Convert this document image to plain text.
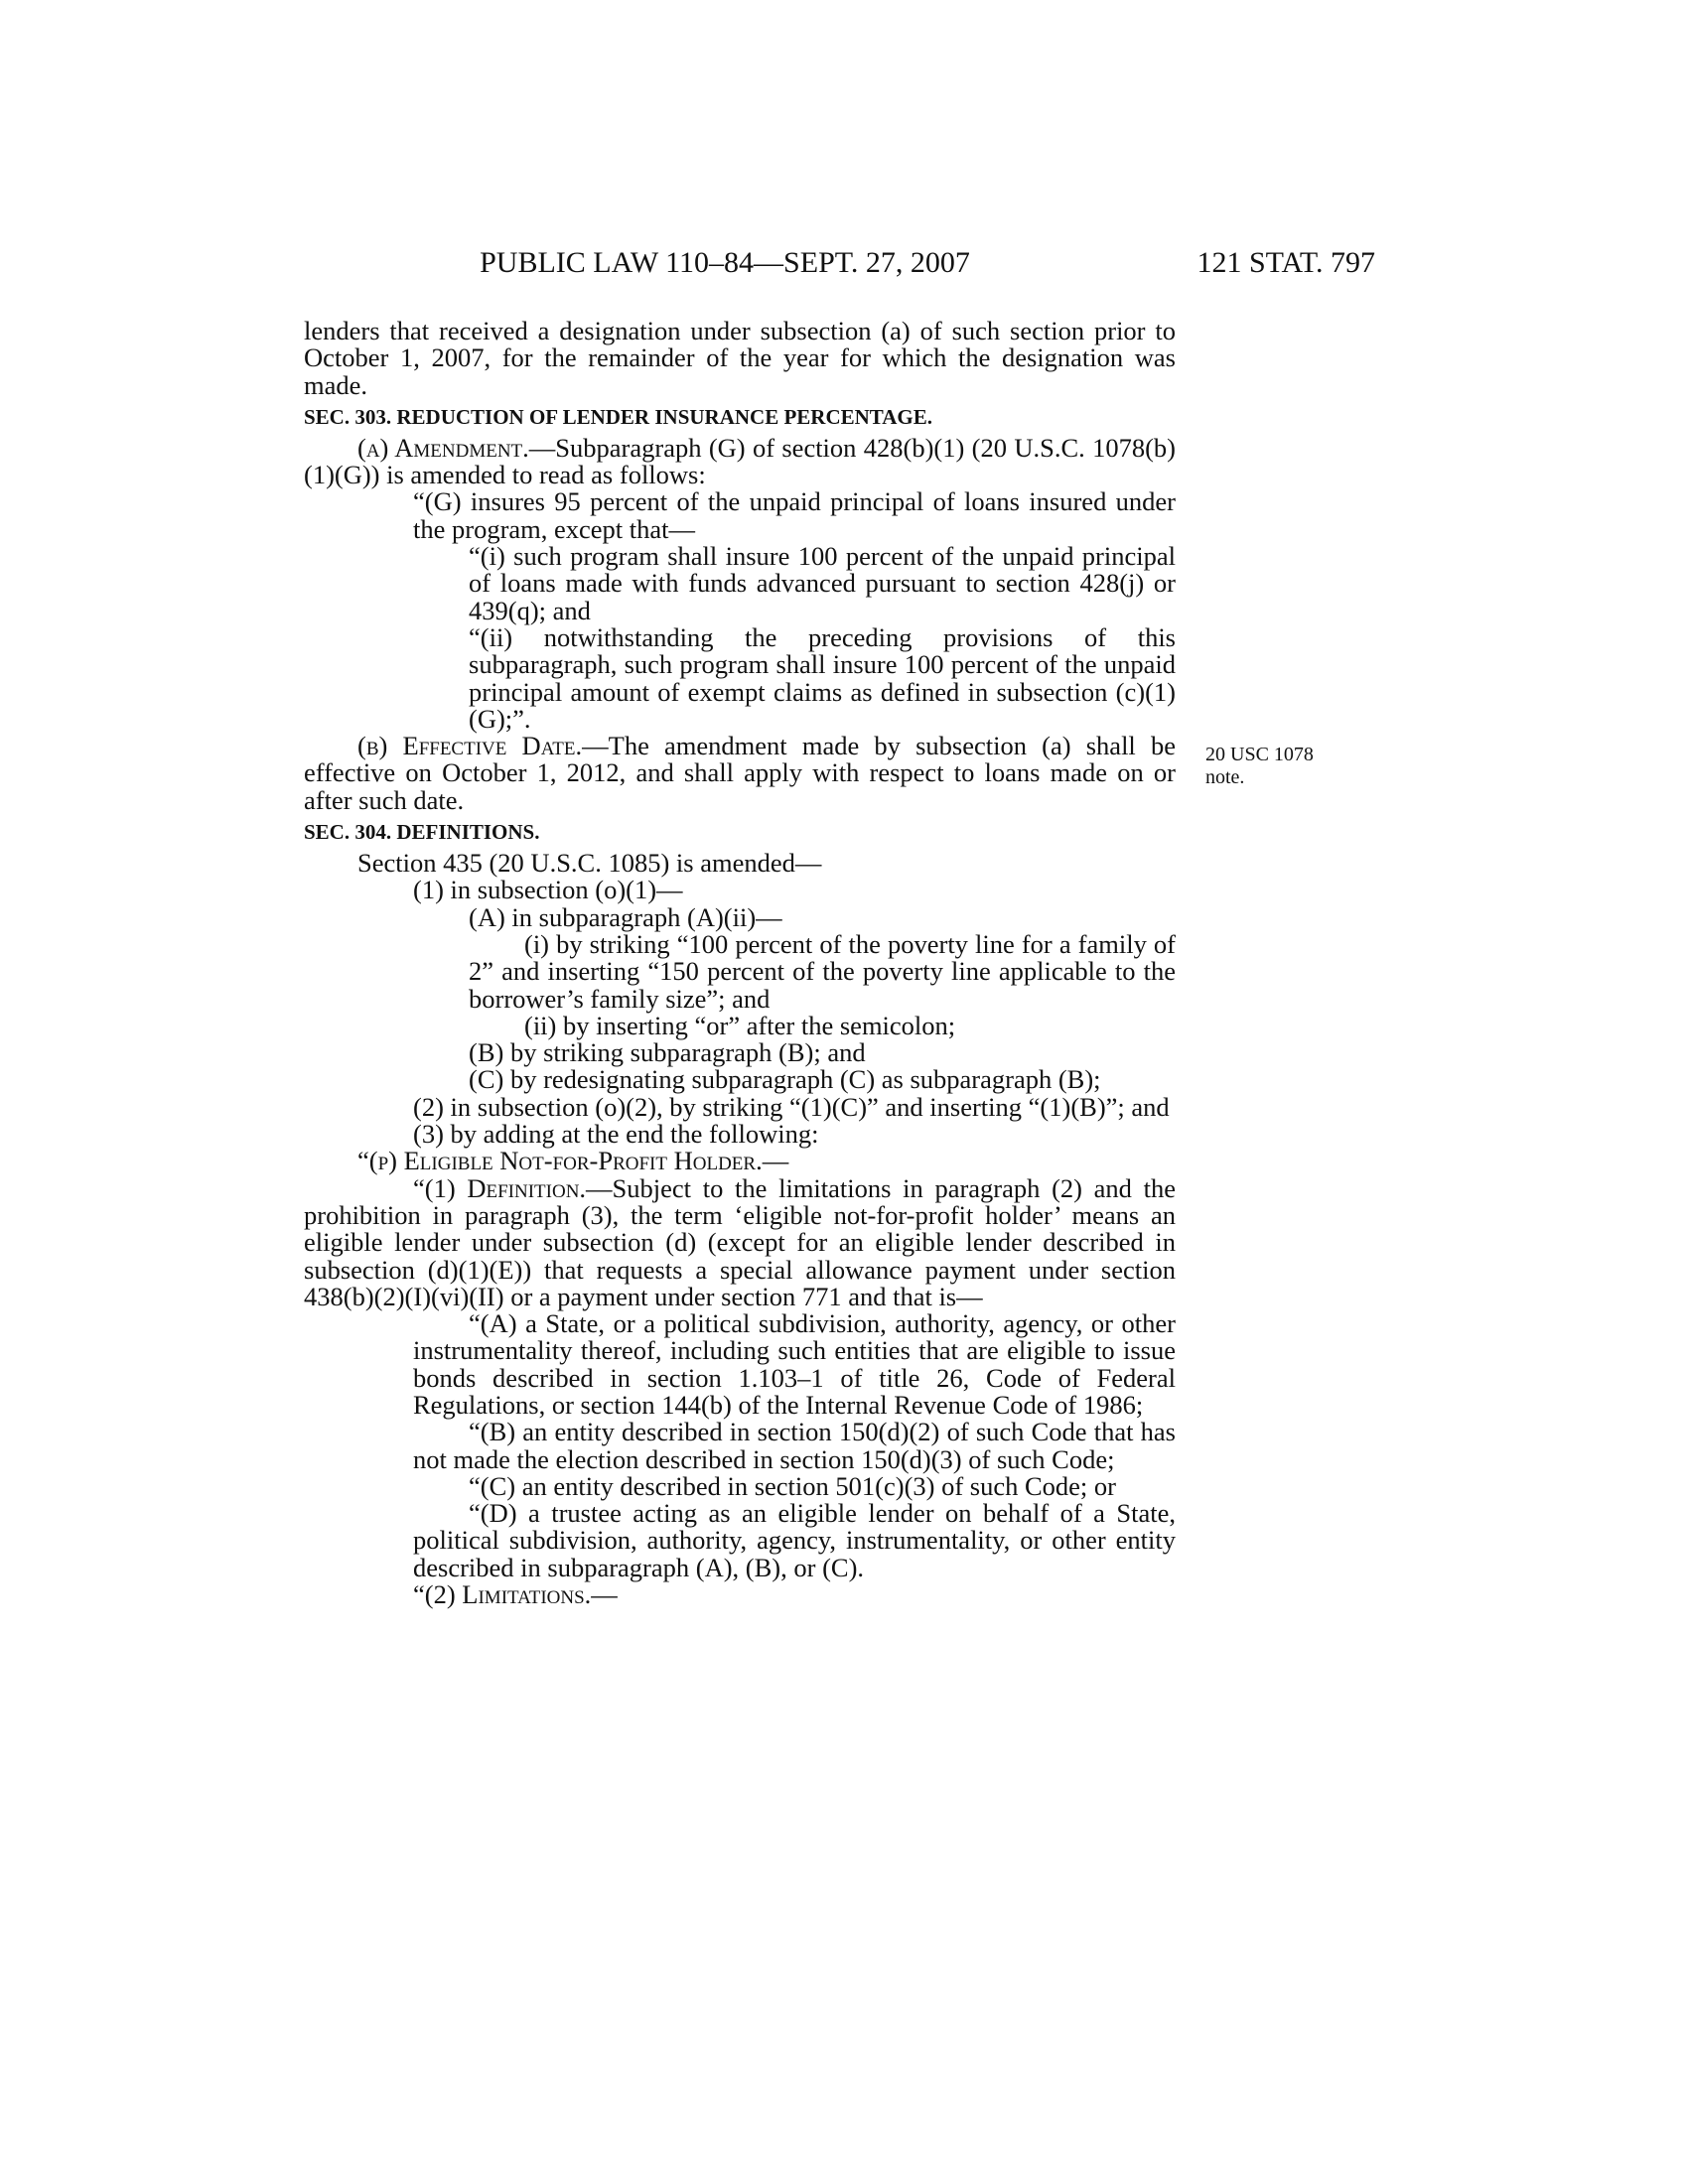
PUBLIC LAW 110–84—SEPT. 27, 2007	121 STAT. 797
20 USC 1078
note.

lenders that received a designation under subsection (a) of such section prior to October 1, 2007, for the remainder of the year for which the designation was made.

SEC. 303. REDUCTION OF LENDER INSURANCE PERCENTAGE.

(a) Amendment.—Subparagraph (G) of section 428(b)(1) (20 U.S.C. 1078(b)(1)(G)) is amended to read as follows:

“(G) insures 95 percent of the unpaid principal of loans insured under the program, except that—

“(i) such program shall insure 100 percent of the unpaid principal of loans made with funds advanced pursuant to section 428(j) or 439(q); and

“(ii) notwithstanding the preceding provisions of this subparagraph, such program shall insure 100 percent of the unpaid principal amount of exempt claims as defined in subsection (c)(1)(G);”.

(b) Effective Date.—The amendment made by subsection (a) shall be effective on October 1, 2012, and shall apply with respect to loans made on or after such date.

SEC. 304. DEFINITIONS.

Section 435 (20 U.S.C. 1085) is amended—

(1) in subsection (o)(1)—

(A) in subparagraph (A)(ii)—

(i) by striking “100 percent of the poverty line for a family of 2” and inserting “150 percent of the poverty line applicable to the borrower’s family size”; and

(ii) by inserting “or” after the semicolon;

(B) by striking subparagraph (B); and

(C) by redesignating subparagraph (C) as subparagraph (B);

(2) in subsection (o)(2), by striking “(1)(C)” and inserting “(1)(B)”; and

(3) by adding at the end the following:

“(p) Eligible Not-for-Profit Holder.—

“(1) Definition.—Subject to the limitations in paragraph (2) and the prohibition in paragraph (3), the term ‘eligible not-for-profit holder’ means an eligible lender under subsection (d) (except for an eligible lender described in subsection (d)(1)(E)) that requests a special allowance payment under section 438(b)(2)(I)(vi)(II) or a payment under section 771 and that is—

“(A) a State, or a political subdivision, authority, agency, or other instrumentality thereof, including such entities that are eligible to issue bonds described in section 1.103–1 of title 26, Code of Federal Regulations, or section 144(b) of the Internal Revenue Code of 1986;

“(B) an entity described in section 150(d)(2) of such Code that has not made the election described in section 150(d)(3) of such Code;

“(C) an entity described in section 501(c)(3) of such Code; or

“(D) a trustee acting as an eligible lender on behalf of a State, political subdivision, authority, agency, instrumentality, or other entity described in subparagraph (A), (B), or (C).

“(2) Limitations.—
